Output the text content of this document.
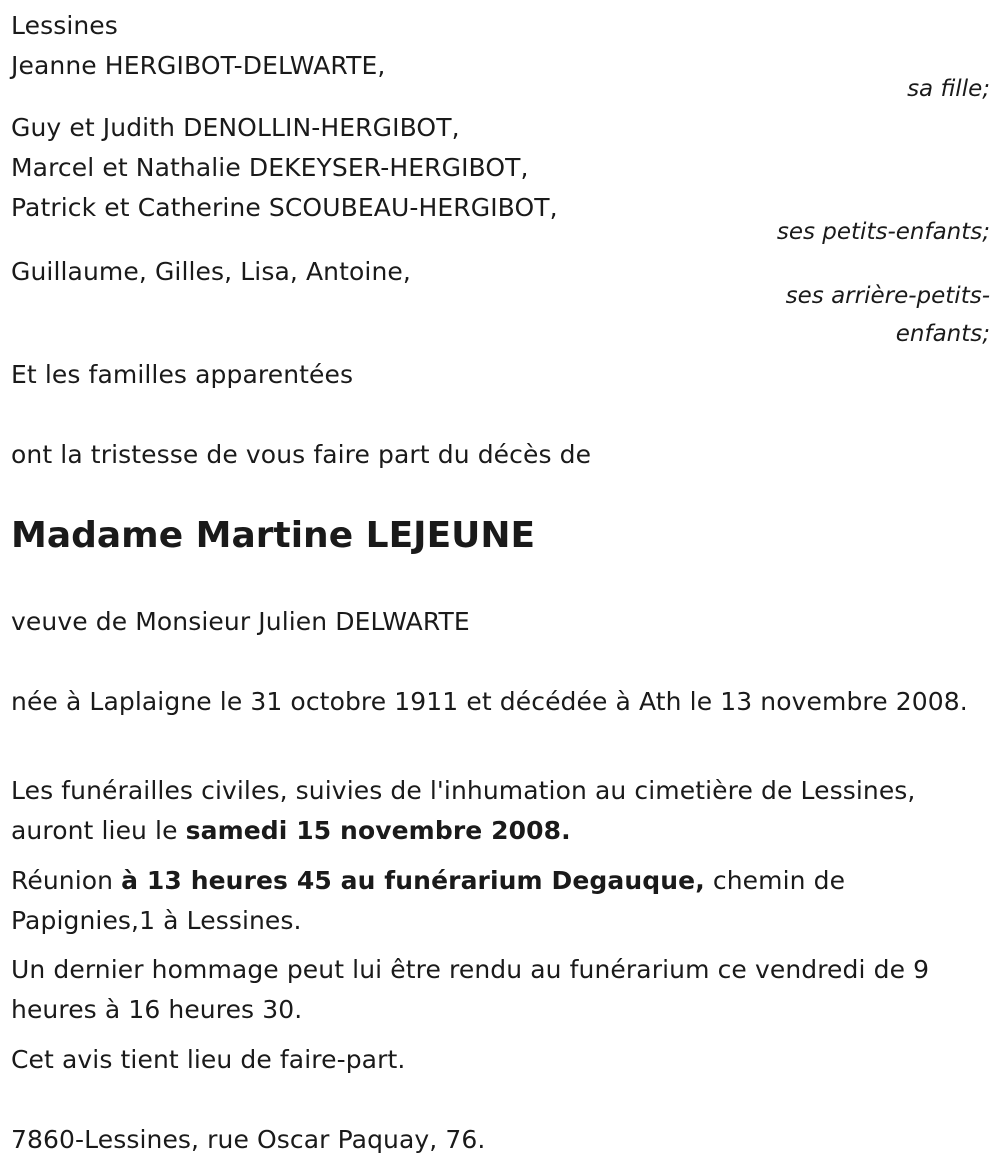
Lessines
Jeanne HERGIBOT-DELWARTE,
sa fille;
Guy et Judith DENOLLIN-HERGIBOT,
Marcel et Nathalie DEKEYSER-HERGIBOT,
Patrick et Catherine SCOUBEAU-HERGIBOT,
ses petits-enfants;
Guillaume, Gilles, Lisa, Antoine,
ses arrière-petits-
enfants;
Et les familles apparentées
ont la tristesse de vous faire part du décès de
Madame Martine LEJEUNE
veuve de Monsieur Julien DELWARTE
née à Laplaigne le 31 octobre 1911 et décédée à Ath le 13 novembre 2008.
Les funérailles civiles, suivies de l'inhumation au cimetière de Lessines, auront lieu le samedi 15 novembre 2008.
Réunion à 13 heures 45 au funérarium Degauque, chemin de Papignies,1 à Lessines.
Un dernier hommage peut lui être rendu au funérarium ce vendredi de 9 heures à 16 heures 30.
Cet avis tient lieu de faire-part.
7860-Lessines, rue Oscar Paquay, 76.
